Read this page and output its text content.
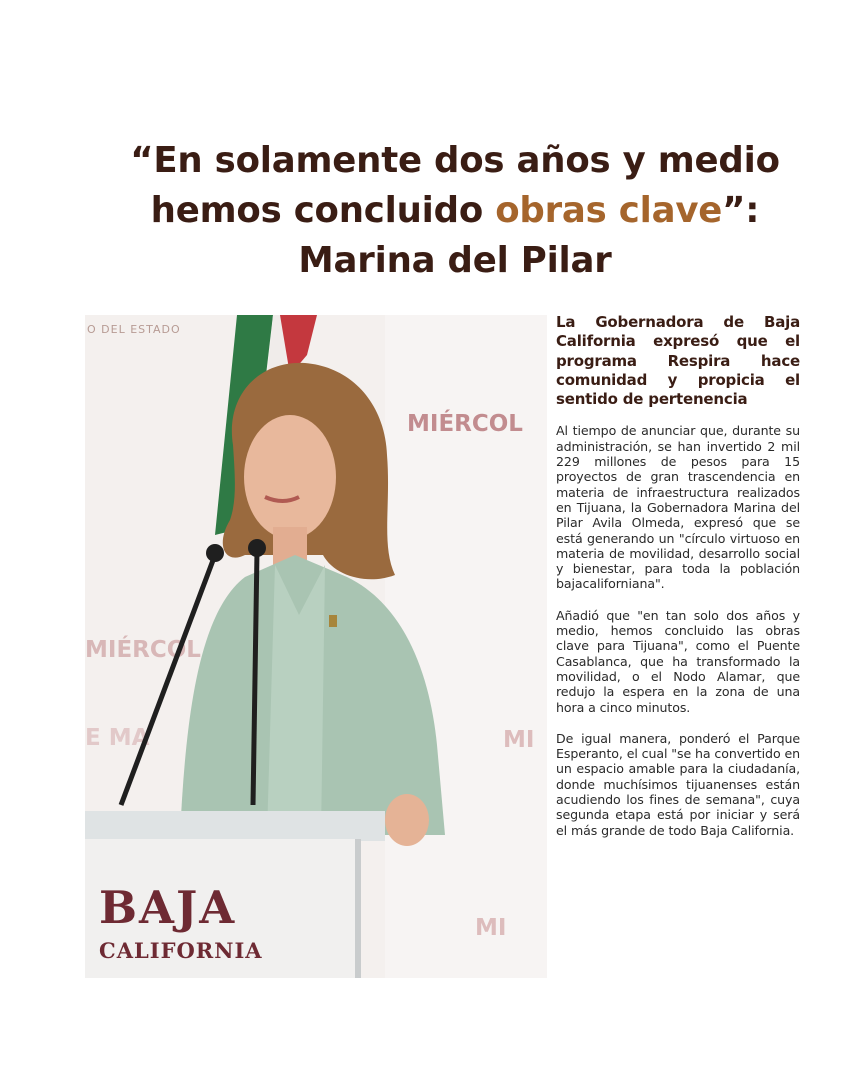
“En solamente dos años y medio hemos concluido obras clave”: Marina del Pilar
O DEL ESTADO
MIÉRCOL
MIÉRCOL
E MA	MI
MI
BAJA
CALIFORNIA

La Gobernadora de Baja California expresó que el programa Respira hace comunidad y propicia el sentido de pertenencia

Al tiempo de anunciar que, durante su administración, se han invertido 2 mil 229 millones de pesos para 15 proyectos de gran trascendencia en materia de infraestructura realizados en Tijuana, la Gobernadora Marina del Pilar Avila Olmeda, expresó que se está generando un "círculo virtuoso en materia de movilidad, desarrollo social y bienestar, para toda la población bajacaliforniana".

Añadió que "en tan solo dos años y medio, hemos concluido las obras clave para Tijuana", como el Puente Casablanca, que ha transformado la movilidad, o el Nodo Alamar, que redujo la espera en la zona de una hora a cinco minutos.

De igual manera, ponderó el Parque Esperanto, el cual "se ha convertido en un espacio amable para la ciudadanía, donde muchísimos tijuanenses están acudiendo los fines de semana", cuya segunda etapa está por iniciar y será el más grande de todo Baja California.
